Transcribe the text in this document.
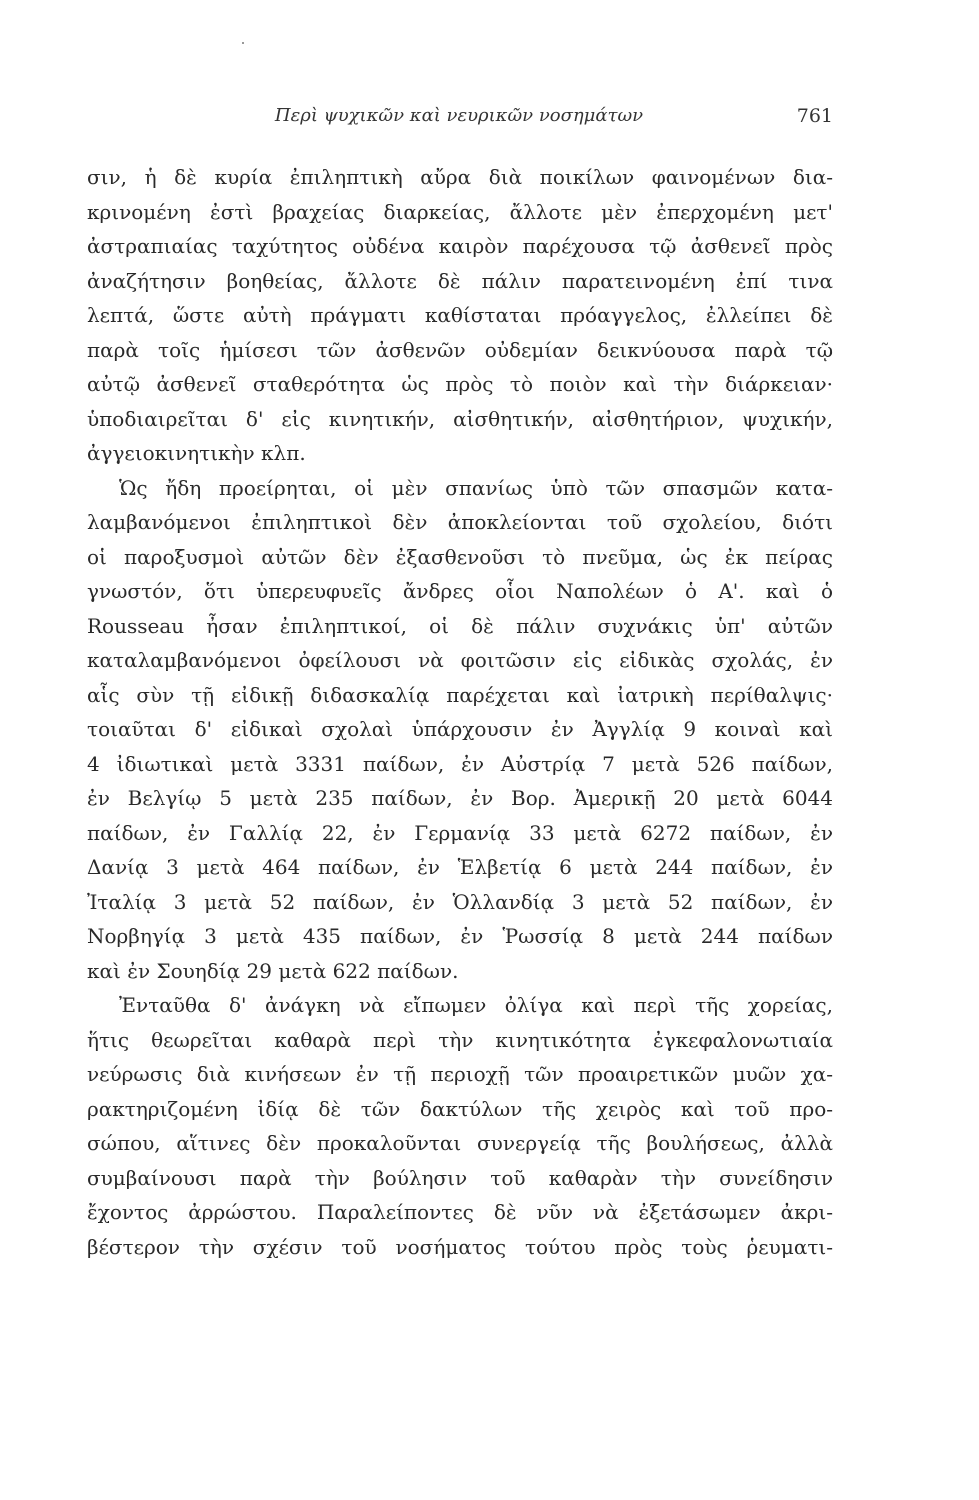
Περὶ ψυχικῶν καὶ νευρικῶν νοσημάτων	761
σιν, ἡ δὲ κυρία ἐπιληπτικὴ αὔρα διὰ ποικίλων φαινομένων δια-
κρινομένη ἐστὶ βραχείας διαρκείας, ἄλλοτε μὲν ἐπερχομένη μετ'
ἀστραπιαίας ταχύτητος οὐδένα καιρὸν παρέχουσα τῷ ἀσθενεῖ πρὸς
ἀναζήτησιν βοηθείας, ἄλλοτε δὲ πάλιν παρατεινομένη ἐπί τινα
λεπτά, ὥστε αὐτὴ πράγματι καθίσταται πρόαγγελος, ἐλλείπει δὲ
παρὰ τοῖς ἡμίσεσι τῶν ἀσθενῶν οὐδεμίαν δεικνύουσα παρὰ τῷ
αὐτῷ ἀσθενεῖ σταθερότητα ὡς πρὸς τὸ ποιὸν καὶ τὴν διάρκειαν·
ὑποδιαιρεῖται δ' εἰς κινητικήν, αἰσθητικήν, αἰσθητήριον, ψυχικήν,
ἀγγειοκινητικὴν κλπ.
Ὡς ἤδη προείρηται, οἱ μὲν σπανίως ὑπὸ τῶν σπασμῶν κατα-
λαμβανόμενοι ἐπιληπτικοὶ δὲν ἀποκλείονται τοῦ σχολείου, διότι
οἱ παροξυσμοὶ αὐτῶν δὲν ἐξασθενοῦσι τὸ πνεῦμα, ὡς ἐκ πείρας
γνωστόν, ὅτι ὑπερευφυεῖς ἄνδρες οἷοι Ναπολέων ὁ Α'. καὶ ὁ
Rousseau ἦσαν ἐπιληπτικοί, οἱ δὲ πάλιν συχνάκις ὑπ' αὐτῶν
καταλαμβανόμενοι ὀφείλουσι νὰ φοιτῶσιν εἰς εἰδικὰς σχολάς, ἐν
αἷς σὺν τῇ εἰδικῇ διδασκαλίᾳ παρέχεται καὶ ἰατρικὴ περίθαλψις·
τοιαῦται δ' εἰδικαὶ σχολαὶ ὑπάρχουσιν ἐν Ἀγγλίᾳ 9 κοιναὶ καὶ
4 ἰδιωτικαὶ μετὰ 3331 παίδων, ἐν Αὐστρίᾳ 7 μετὰ 526 παίδων,
ἐν Βελγίῳ 5 μετὰ 235 παίδων, ἐν Βορ. Ἀμερικῇ 20 μετὰ 6044
παίδων, ἐν Γαλλίᾳ 22, ἐν Γερμανίᾳ 33 μετὰ 6272 παίδων, ἐν
Δανίᾳ 3 μετὰ 464 παίδων, ἐν Ἑλβετίᾳ 6 μετὰ 244 παίδων, ἐν
Ἰταλίᾳ 3 μετὰ 52 παίδων, ἐν Ὁλλανδίᾳ 3 μετὰ 52 παίδων, ἐν
Νορβηγίᾳ 3 μετὰ 435 παίδων, ἐν Ῥωσσίᾳ 8 μετὰ 244 παίδων
καὶ ἐν Σουηδίᾳ 29 μετὰ 622 παίδων.
Ἐνταῦθα δ' ἀνάγκη νὰ εἴπωμεν ὀλίγα καὶ περὶ τῆς χορείας,
ἥτις θεωρεῖται καθαρὰ περὶ τὴν κινητικότητα ἐγκεφαλονωτιαία
νεύρωσις διὰ κινήσεων ἐν τῇ περιοχῇ τῶν προαιρετικῶν μυῶν χα-
ρακτηριζομένη ἰδίᾳ δὲ τῶν δακτύλων τῆς χειρὸς καὶ τοῦ προ-
σώπου, αἵτινες δὲν προκαλοῦνται συνεργείᾳ τῆς βουλήσεως, ἀλλὰ
συμβαίνουσι παρὰ τὴν βούλησιν τοῦ καθαρὰν τὴν συνείδησιν
ἔχοντος ἀρρώστου. Παραλείποντες δὲ νῦν νὰ ἐξετάσωμεν ἀκρι-
βέστερον τὴν σχέσιν τοῦ νοσήματος τούτου πρὸς τοὺς ῥευματι-
